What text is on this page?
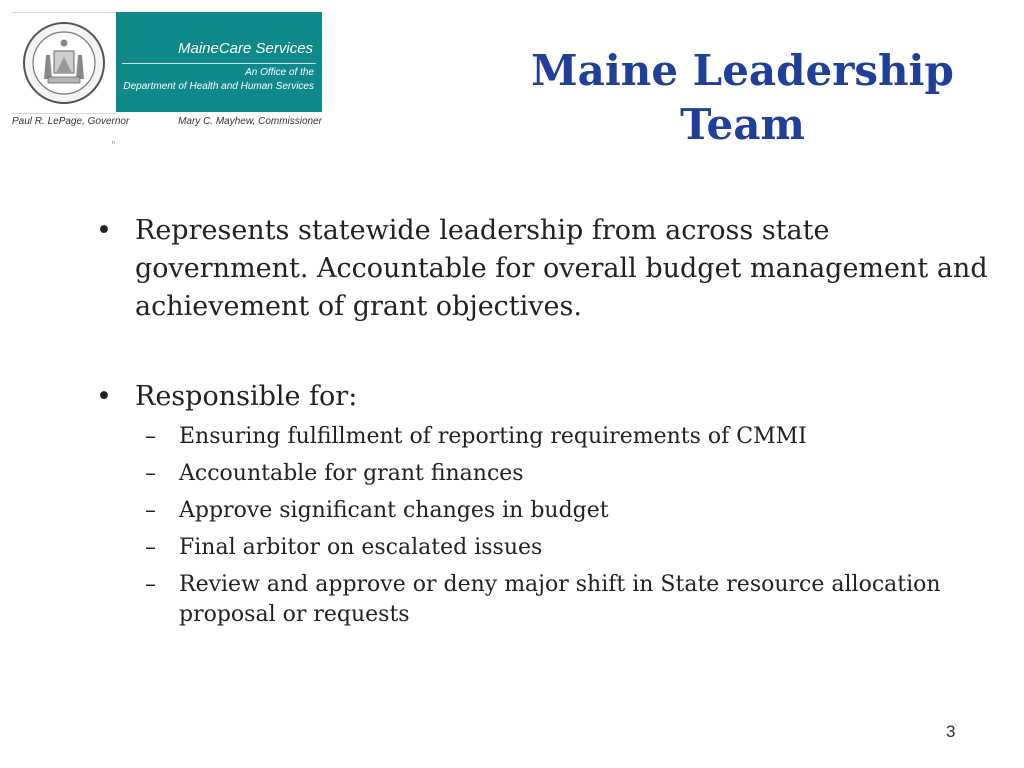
MaineCare Services
An Office of the
Department of Health and Human Services
Paul R. LePage, Governor	Mary C. Mayhew, Commissioner
n
Maine Leadership Team
• Represents statewide leadership from across state government. Accountable for overall budget management and achievement of grant objectives.
• Responsible for:
– Ensuring fulfillment of reporting requirements of CMMI
– Accountable for grant finances
– Approve significant changes in budget
– Final arbitor on escalated issues
– Review and approve or deny major shift in State resource allocation proposal or requests
3
